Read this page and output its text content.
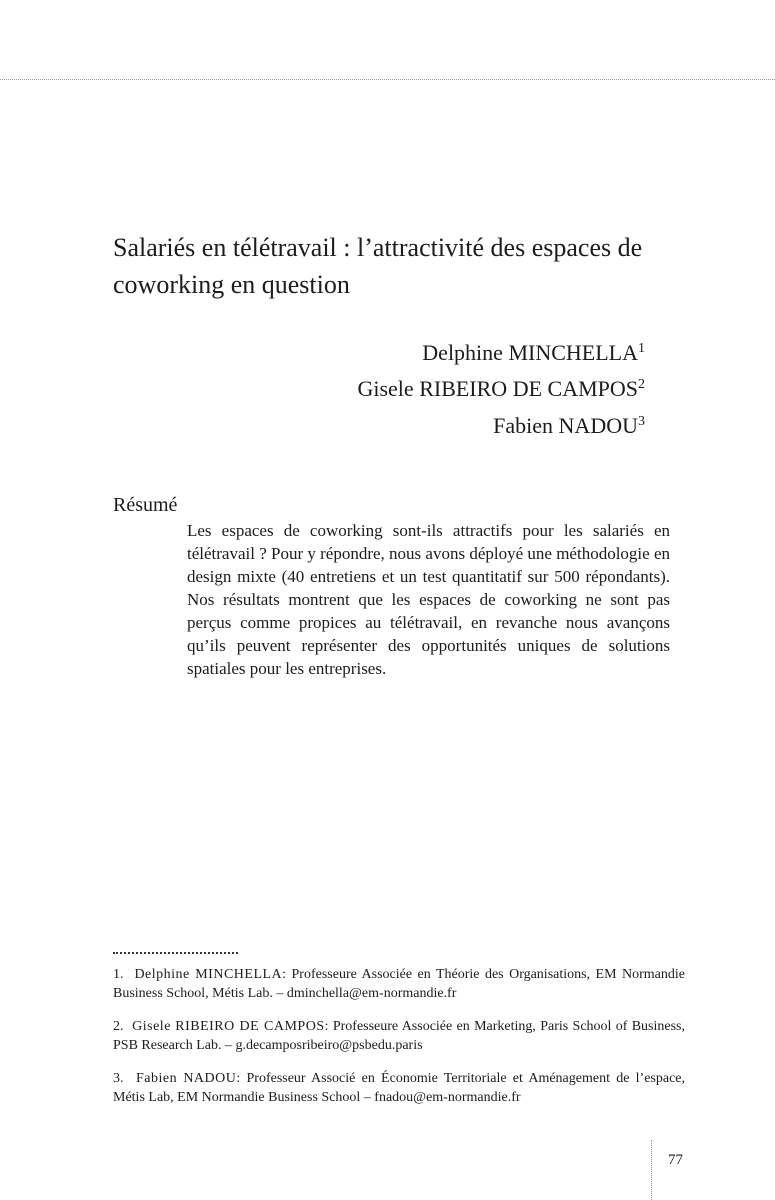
Salariés en télétravail : l’attractivité des espaces de coworking en question
Delphine MINCHELLA$^1$
Gisele RIBEIRO DE CAMPOS$^2$
Fabien NADOU$^3$
Résumé

Les espaces de coworking sont-ils attractifs pour les salariés en télétravail ? Pour y répondre, nous avons déployé une méthodologie en design mixte (40 entretiens et un test quantitatif sur 500 répondants). Nos résultats montrent que les espaces de coworking ne sont pas perçus comme propices au télétravail, en revanche nous avançons qu’ils peuvent représenter des opportunités uniques de solutions spatiales pour les entreprises.

1. Delphine MINCHELLA: Professeure Associée en Théorie des Organisations, EM Normandie Business School, Métis Lab. – dminchella@em-normandie.fr

2. Gisele RIBEIRO DE CAMPOS: Professeure Associée en Marketing, Paris School of Business, PSB Research Lab. – g.decamposribeiro@psbedu.paris

3. Fabien NADOU: Professeur Associé en Économie Territoriale et Aménagement de l’espace, Métis Lab, EM Normandie Business School – fnadou@em-normandie.fr

77
